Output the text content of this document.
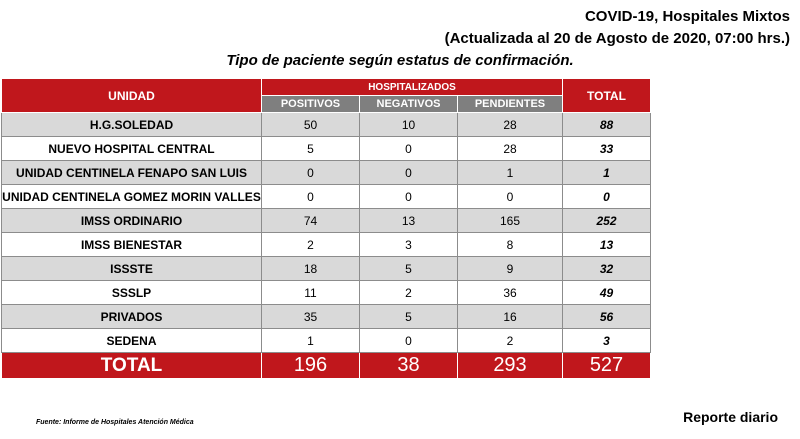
COVID-19, Hospitales Mixtos
(Actualizada al 20 de Agosto de 2020, 07:00 hrs.)
Tipo de paciente según estatus de confirmación.
UNIDAD	HOSPITALIZADOS			TOTAL
	POSITIVOS	NEGATIVOS	PENDIENTES	
H.G.SOLEDAD	50	10	28	88
NUEVO HOSPITAL CENTRAL	5	0	28	33
UNIDAD CENTINELA FENAPO SAN LUIS	0	0	1	1
UNIDAD CENTINELA GOMEZ MORIN VALLES	0	0	0	0
IMSS ORDINARIO	74	13	165	252
IMSS BIENESTAR	2	3	8	13
ISSSTE	18	5	9	32
SSSLP	11	2	36	49
PRIVADOS	35	5	16	56
SEDENA	1	0	2	3
TOTAL	196	38	293	527
Fuente: Informe de Hospitales Atención Médica	Reporte diario
